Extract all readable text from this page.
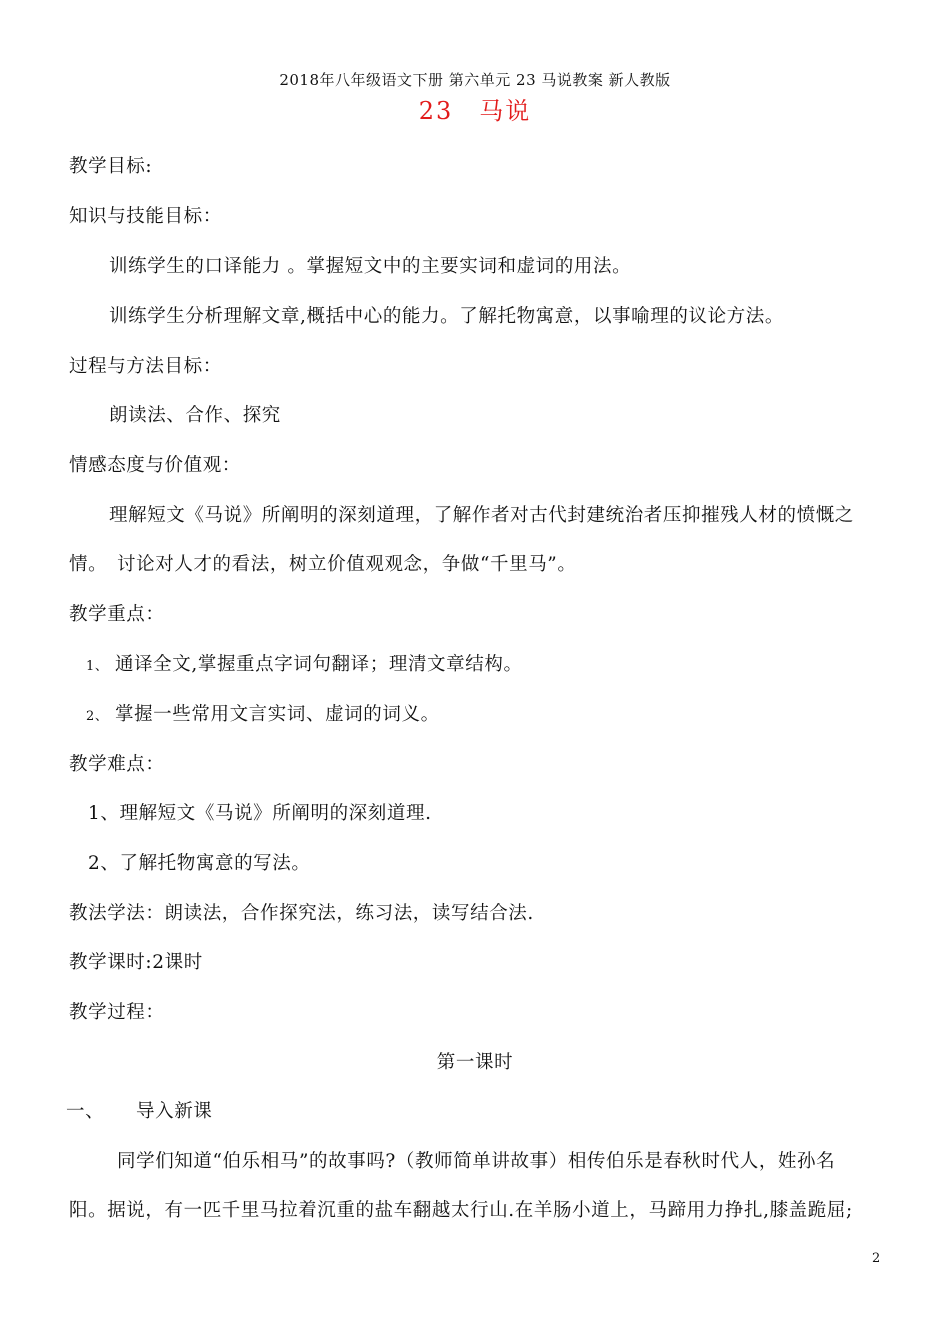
2018年八年级语文下册 第六单元 23 马说教案 新人教版
23　马说
教学目标:
知识与技能目标：
训练学生的口译能力 。掌握短文中的主要实词和虚词的用法。
训练学生分析理解文章,概括中心的能力。了解托物寓意，以事喻理的议论方法。
过程与方法目标：
朗读法、合作、探究
情感态度与价值观：
理解短文《马说》所阐明的深刻道理，了解作者对古代封建统治者压抑摧残人材的愤慨之
情。　讨论对人才的看法，树立价值观观念，争做“千里马”。
教学重点：
1、 通译全文,掌握重点字词句翻译；理清文章结构。
2、 掌握一些常用文言实词、虚词的词义。
教学难点：
1、理解短文《马说》所阐明的深刻道理.
2、了解托物寓意的写法。
教法学法：朗读法，合作探究法，练习法，读写结合法.
教学课时:2课时
教学过程：
第一课时
一、 导入新课
同学们知道“伯乐相马”的故事吗?（教师简单讲故事）相传伯乐是春秋时代人，姓孙名
阳。据说，有一匹千里马拉着沉重的盐车翻越太行山.在羊肠小道上，马蹄用力挣扎,膝盖跪屈;
2
